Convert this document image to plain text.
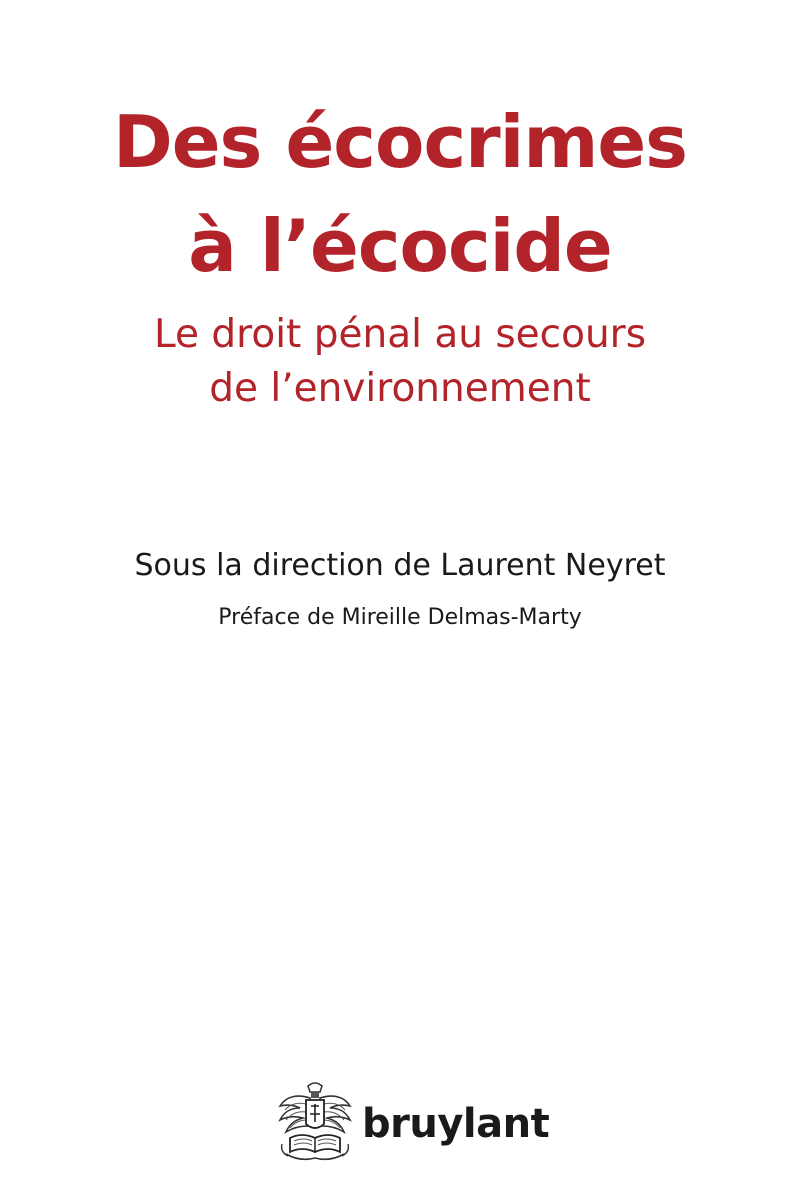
Des écocrimes
à l’écocide
Le droit pénal au secours
de l’environnement
Sous la direction de Laurent Neyret
Préface de Mireille Delmas-Marty
bruylant
